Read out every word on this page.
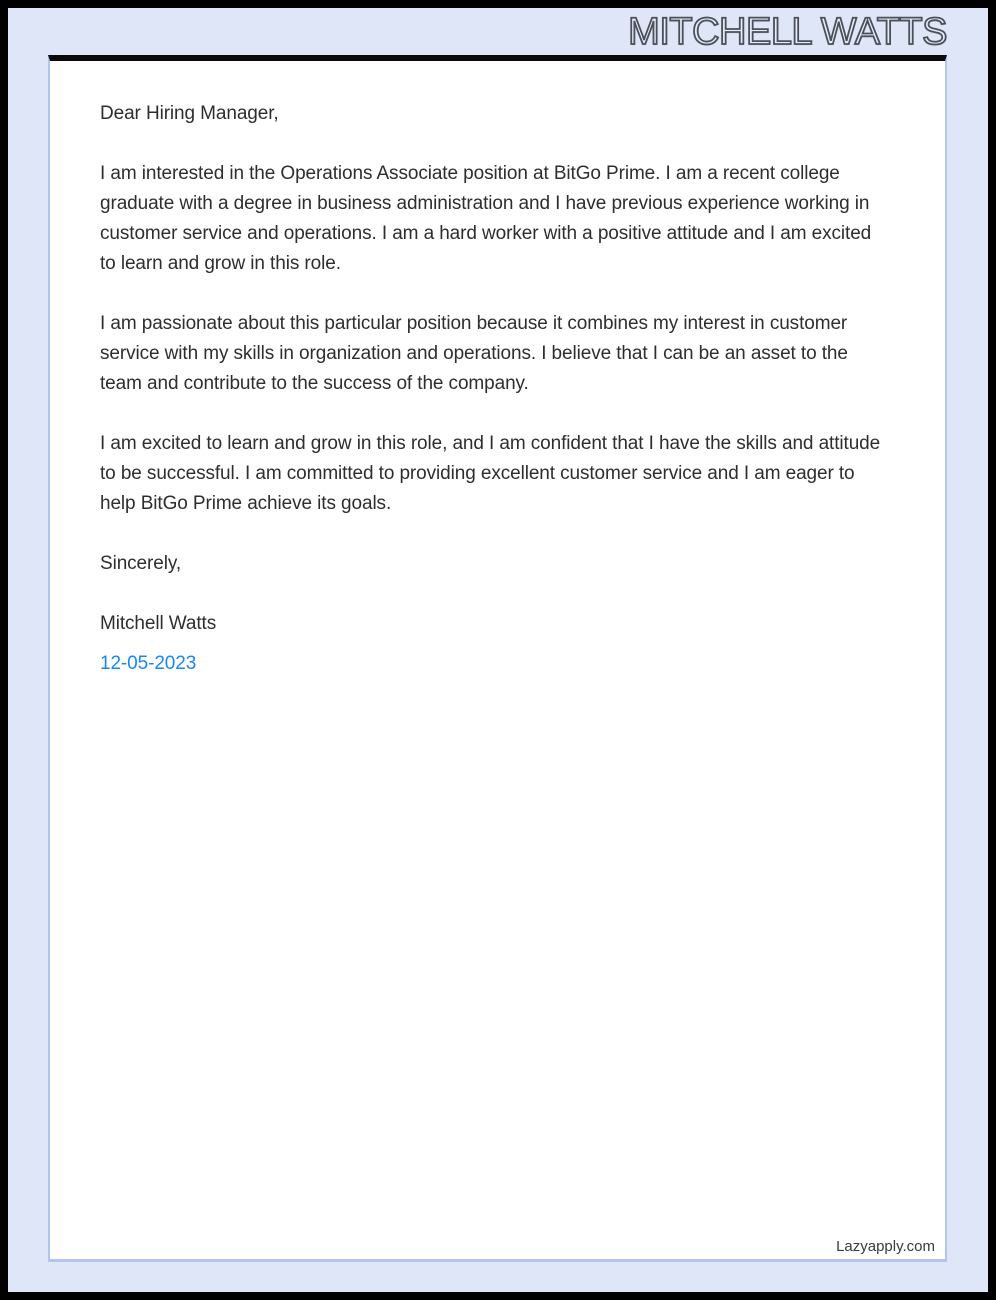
MITCHELL WATTS

Dear Hiring Manager,

I am interested in the Operations Associate position at BitGo Prime. I am a recent college graduate with a degree in business administration and I have previous experience working in customer service and operations. I am a hard worker with a positive attitude and I am excited to learn and grow in this role.

I am passionate about this particular position because it combines my interest in customer service with my skills in organization and operations. I believe that I can be an asset to the team and contribute to the success of the company.

I am excited to learn and grow in this role, and I am confident that I have the skills and attitude to be successful. I am committed to providing excellent customer service and I am eager to help BitGo Prime achieve its goals.

Sincerely,

Mitchell Watts

12-05-2023

Lazyapply.com
